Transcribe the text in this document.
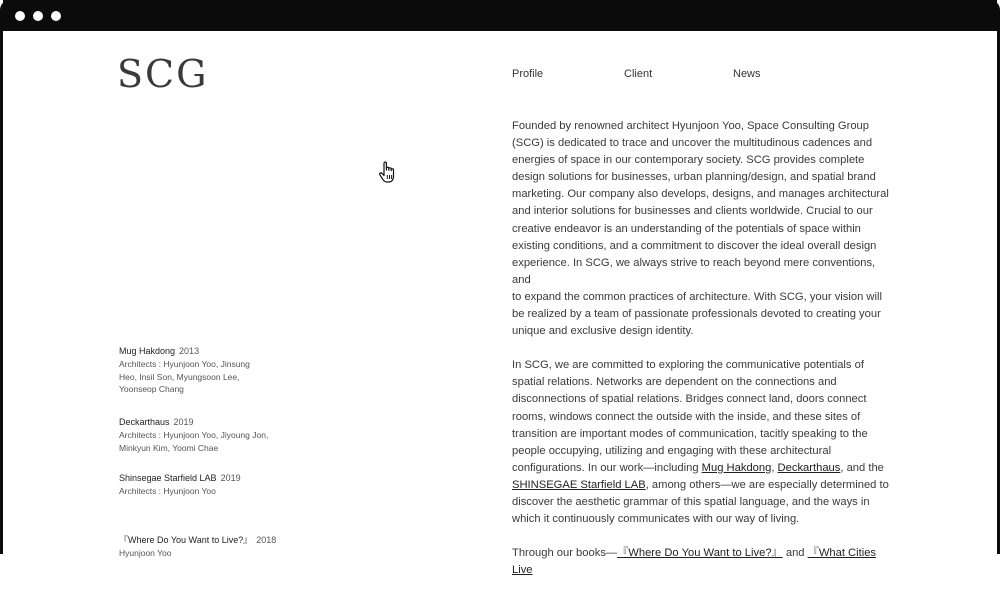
SCG	Profile	Client	News
Mug Hakdong 2013
Architects : Hyunjoon Yoo, Jinsung
Heo, Insil Son, Myungsoon Lee,
Yoonseop Chang
Deckarthaus 2019
Architects : Hyunjoon Yoo, Jiyoung Jon,
Minkyun Kim, Yoomi Chae
Shinsegae Starfield LAB 2019
Architects : Hyunjoon Yoo
『Where Do You Want to Live?』 2018
Hyunjoon Yoo

Founded by renowned architect Hyunjoon Yoo, Space Consulting Group
(SCG) is dedicated to trace and uncover the multitudinous cadences and
energies of space in our contemporary society. SCG provides complete
design solutions for businesses, urban planning/design, and spatial brand
marketing. Our company also develops, designs, and manages architectural
and interior solutions for businesses and clients worldwide. Crucial to our
creative endeavor is an understanding of the potentials of space within
existing conditions, and a commitment to discover the ideal overall design
experience. In SCG, we always strive to reach beyond mere conventions, and
to expand the common practices of architecture. With SCG, your vision will
be realized by a team of passionate professionals devoted to creating your
unique and exclusive design identity.

In SCG, we are committed to exploring the communicative potentials of
spatial relations. Networks are dependent on the connections and
disconnections of spatial relations. Bridges connect land, doors connect
rooms, windows connect the outside with the inside, and these sites of
transition are important modes of communication, tacitly speaking to the
people occupying, utilizing and engaging with these architectural
configurations. In our work—including Mug Hakdong, Deckarthaus, and the
SHINSEGAE Starfield LAB, among others—we are especially determined to
discover the aesthetic grammar of this spatial language, and the ways in
which it continuously communicates with our way of living.

Through our books—『Where Do You Want to Live?』 and 『What Cities Live
